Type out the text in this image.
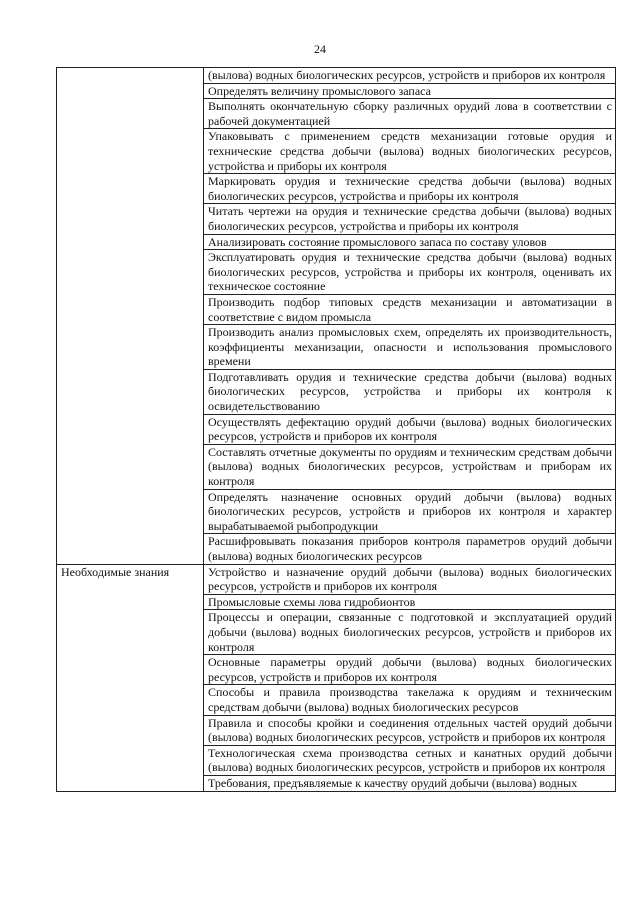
24
	(вылова) водных биологических ресурсов, устройств и приборов их контроля
	Определять величину промыслового запаса
	Выполнять окончательную сборку различных орудий лова в соответствии с рабочей документацией
	Упаковывать с применением средств механизации готовые орудия и технические средства добычи (вылова) водных биологических ресурсов, устройства и приборы их контроля
	Маркировать орудия и технические средства добычи (вылова) водных биологических ресурсов, устройства и приборы их контроля
	Читать чертежи на орудия и технические средства добычи (вылова) водных биологических ресурсов, устройства и приборы их контроля
	Анализировать состояние промыслового запаса по составу уловов
	Эксплуатировать орудия и технические средства добычи (вылова) водных биологических ресурсов, устройства и приборы их контроля, оценивать их техническое состояние
	Производить подбор типовых средств механизации и автоматизации в соответствие с видом промысла
	Производить анализ промысловых схем, определять их производительность, коэффициенты механизации, опасности и использования промыслового времени
	Подготавливать орудия и технические средства добычи (вылова) водных биологических ресурсов, устройства и приборы их контроля к освидетельствованию
	Осуществлять дефектацию орудий добычи (вылова) водных биологических ресурсов, устройств и приборов их контроля
	Составлять отчетные документы по орудиям и техническим средствам добычи (вылова) водных биологических ресурсов, устройствам и приборам их контроля
	Определять назначение основных орудий добычи (вылова) водных биологических ресурсов, устройств и приборов их контроля и характер вырабатываемой рыбопродукции
	Расшифровывать показания приборов контроля параметров орудий добычи (вылова) водных биологических ресурсов
Необходимые знания	Устройство и назначение орудий добычи (вылова) водных биологических ресурсов, устройств и приборов их контроля
	Промысловые схемы лова гидробионтов
	Процессы и операции, связанные с подготовкой и эксплуатацией орудий добычи (вылова) водных биологических ресурсов, устройств и приборов их контроля
	Основные параметры орудий добычи (вылова) водных биологических ресурсов, устройств и приборов их контроля
	Способы и правила производства такелажа к орудиям и техническим средствам добычи (вылова) водных биологических ресурсов
	Правила и способы кройки и соединения отдельных частей орудий добычи (вылова) водных биологических ресурсов, устройств и приборов их контроля
	Технологическая схема производства сетных и канатных орудий добычи (вылова) водных биологических ресурсов, устройств и приборов их контроля
	Требования, предъявляемые к качеству орудий добычи (вылова) водных
